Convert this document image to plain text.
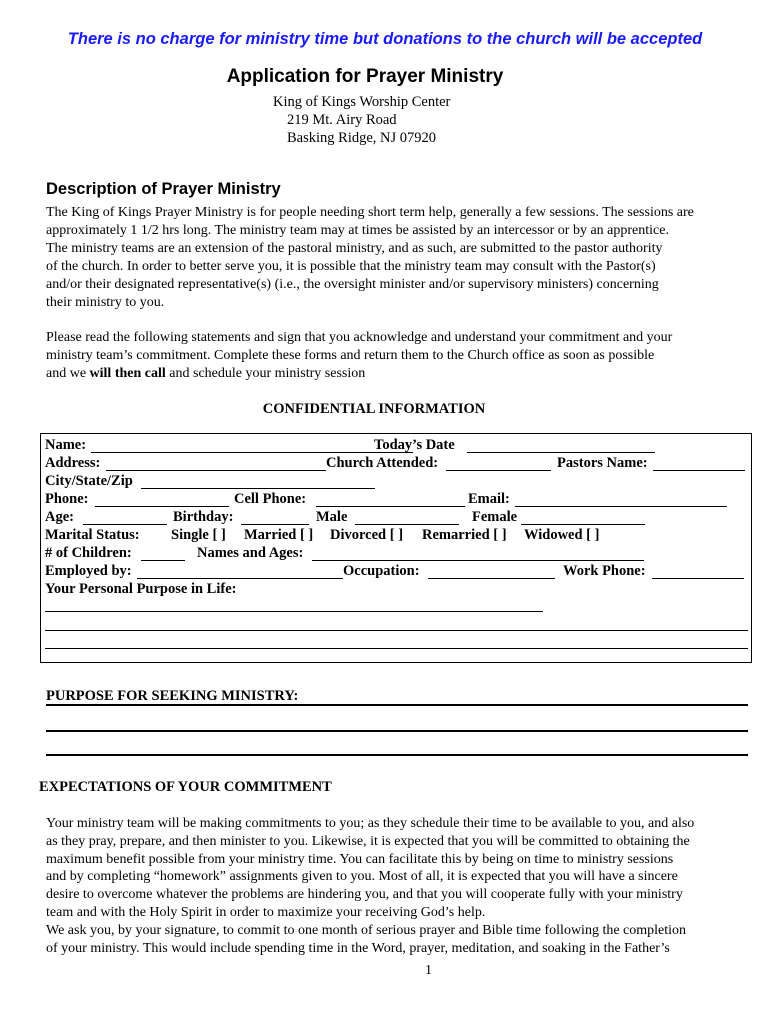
There is no charge for ministry time but donations to the church will be accepted
Application for Prayer Ministry
King of Kings Worship Center
219 Mt. Airy Road
Basking Ridge, NJ 07920
Description of Prayer Ministry
The King of Kings Prayer Ministry is for people needing short term help, generally a few sessions. The sessions are
approximately 1 1/2 hrs long. The ministry team may at times be assisted by an intercessor or by an apprentice.
The ministry teams are an extension of the pastoral ministry, and as such, are submitted to the pastor authority
of the church. In order to better serve you, it is possible that the ministry team may consult with the Pastor(s)
and/or their designated representative(s) (i.e., the oversight minister and/or supervisory ministers) concerning
their ministry to you.
Please read the following statements and sign that you acknowledge and understand your commitment and your
ministry team’s commitment. Complete these forms and return them to the Church office as soon as possible
and we will then call and schedule your ministry session
CONFIDENTIAL INFORMATION
Name:	Today’s Date
Address:	Church Attended:	Pastors Name:
City/State/Zip
Phone:	Cell Phone:	Email:
Age:	Birthday:	Male	Female
Marital Status: Single [ ] Married [ ] Divorced [ ] Remarried [ ] Widowed [ ]
# of Children:	Names and Ages:
Employed by:	Occupation:	Work Phone:
Your Personal Purpose in Life:
PURPOSE FOR SEEKING MINISTRY:
EXPECTATIONS OF YOUR COMMITMENT
Your ministry team will be making commitments to you; as they schedule their time to be available to you, and also
as they pray, prepare, and then minister to you. Likewise, it is expected that you will be committed to obtaining the
maximum benefit possible from your ministry time. You can facilitate this by being on time to ministry sessions
and by completing “homework” assignments given to you. Most of all, it is expected that you will have a sincere
desire to overcome whatever the problems are hindering you, and that you will cooperate fully with your ministry
team and with the Holy Spirit in order to maximize your receiving God’s help.
We ask you, by your signature, to commit to one month of serious prayer and Bible time following the completion
of your ministry. This would include spending time in the Word, prayer, meditation, and soaking in the Father’s
1
